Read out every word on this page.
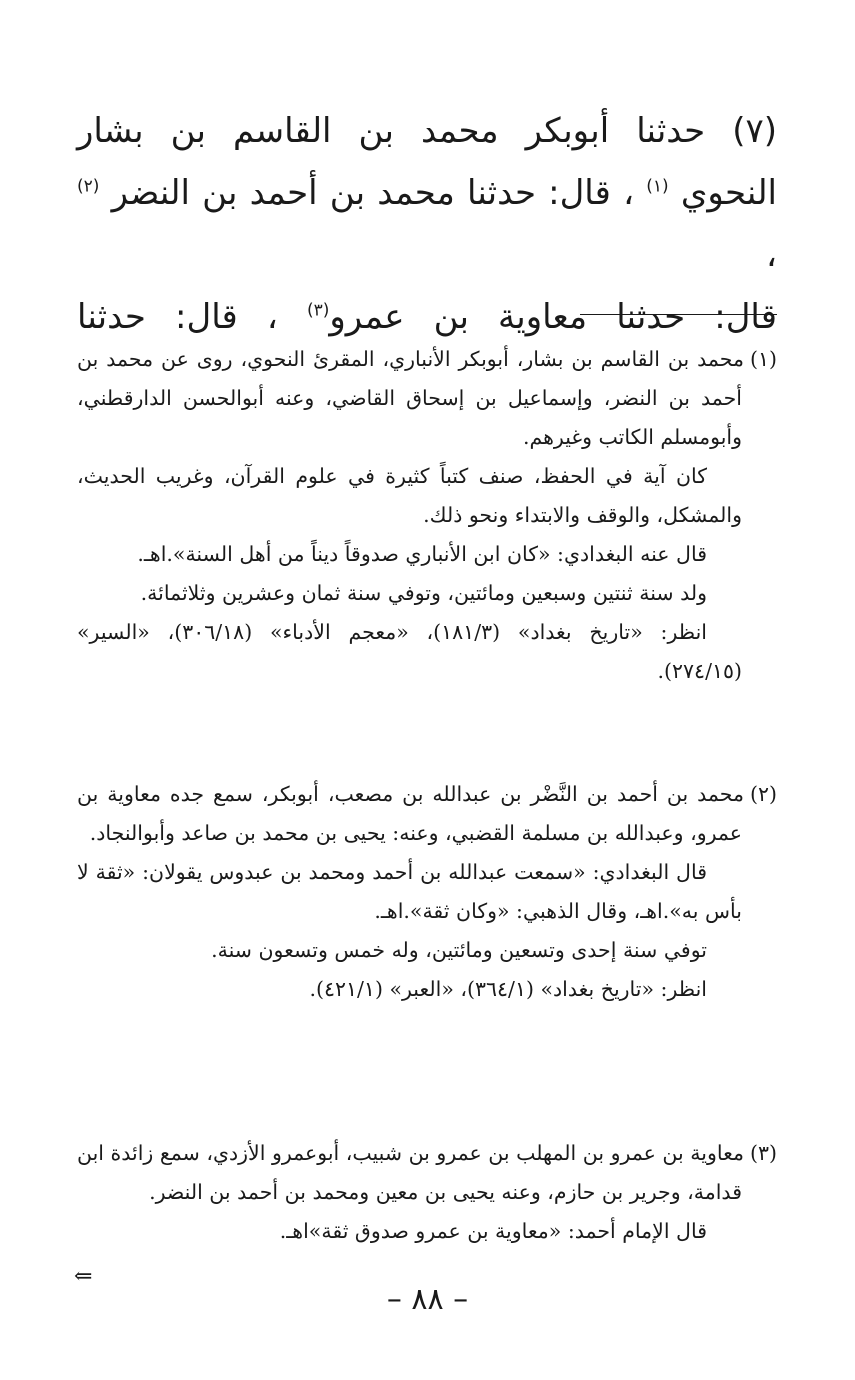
(٧) حدثنا أبوبكر محمد بن القاسم بن بشار
النحوي $^{(١)}$ ، قال: حدثنا محمد بن أحمد بن النضر $^{(٢)}$ ،
قال: حدثنا معاوية بن عمرو$^{(٣)}$ ، قال: حدثنا
(١)محمد بن القاسم بن بشار، أبوبكر الأنباري، المقرئ النحوي، روى عن محمد بن أحمد بن النضر، وإسماعيل بن إسحاق القاضي، وعنه أبوالحسن الدارقطني، وأبومسلم الكاتب وغيرهم.
كان آية في الحفظ، صنف كتباً كثيرة في علوم القرآن، وغريب الحديث، والمشكل، والوقف والابتداء ونحو ذلك.
قال عنه البغدادي: «كان ابن الأنباري صدوقاً ديناً من أهل السنة».اهـ.
ولد سنة ثنتين وسبعين ومائتين، وتوفي سنة ثمان وعشرين وثلاثمائة.
انظر: «تاريخ بغداد» (١٨١/٣)، «معجم الأدباء» (٣٠٦/١٨)، «السير» (٢٧٤/١٥).
(٢)محمد بن أحمد بن النَّضْر بن عبدالله بن مصعب، أبوبكر، سمع جده معاوية بن عمرو، وعبدالله بن مسلمة القضبي، وعنه: يحيى بن محمد بن صاعد وأبوالنجاد.
قال البغدادي: «سمعت عبدالله بن أحمد ومحمد بن عبدوس يقولان: «ثقة لا بأس به».اهـ، وقال الذهبي: «وكان ثقة».اهـ.
توفي سنة إحدى وتسعين ومائتين، وله خمس وتسعون سنة.
انظر: «تاريخ بغداد» (٣٦٤/١)، «العبر» (٤٢١/١).
(٣)معاوية بن عمرو بن المهلب بن عمرو بن شبيب، أبوعمرو الأزدي، سمع زائدة ابن قدامة، وجرير بن حازم، وعنه يحيى بن معين ومحمد بن أحمد بن النضر.
قال الإمام أحمد: «معاوية بن عمرو صدوق ثقة»اهـ.
⇐
– ٨٨ –
